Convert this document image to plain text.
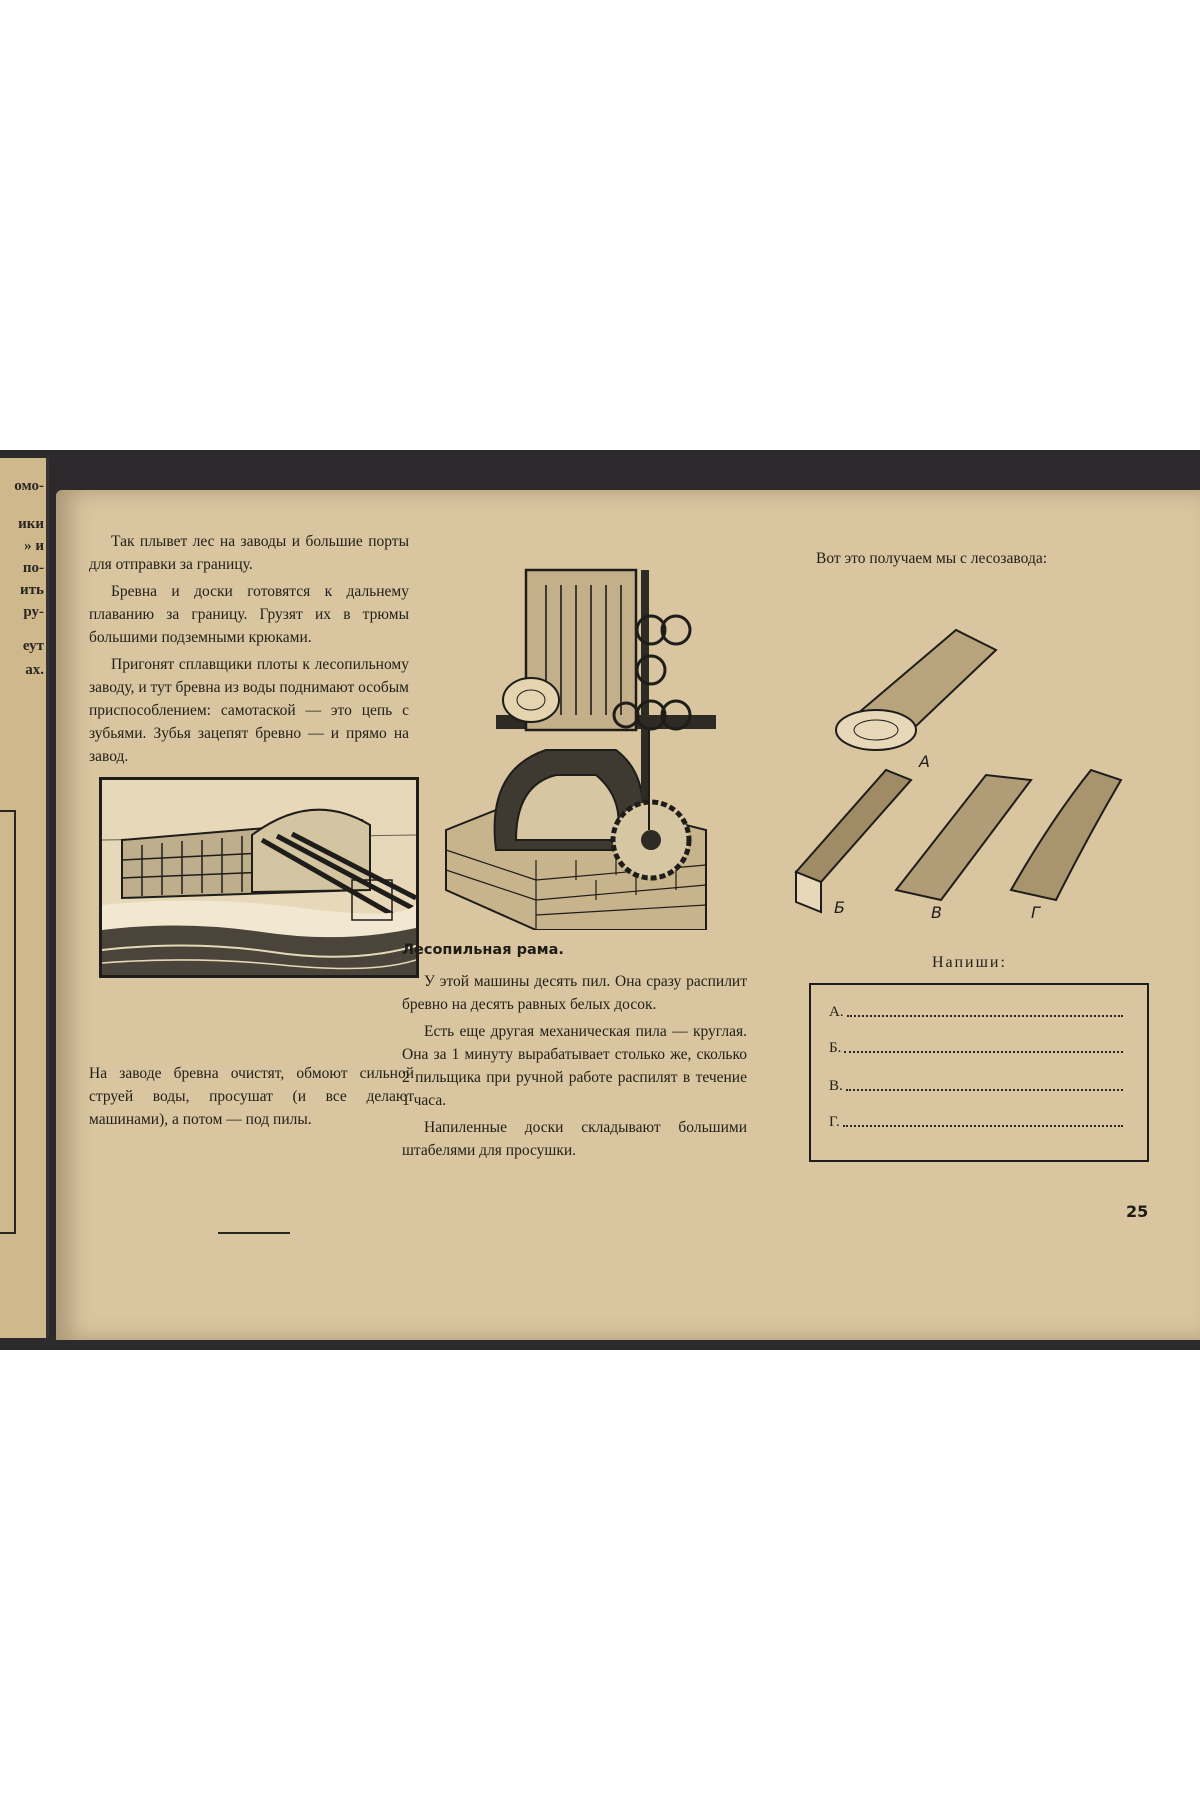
омо-
ики
» и
по-
ить
ру-
еут
ах.

Так плывет лес на заводы и большие порты для отправки за границу.

Бревна и доски готовятся к дальнему плаванию за границу. Грузят их в трюмы большими подземными крюками.

Пригонят сплавщики плоты к лесопильному заводу, и тут бревна из воды поднимают особым приспособлением: самотаской — это цепь с зубьями. Зубья зацепят бревно — и прямо на завод.

На заводе бревна очистят, обмоют сильной струей воды, просушат (и все делают машинами), а потом — под пилы.
Лесопильная рама.

У этой машины десять пил. Она сразу распилит бревно на десять равных белых досок.

Есть еще другая механическая пила — круглая. Она за 1 минуту вырабатывает столько же, сколько 2 пильщика при ручной работе распилят в течение 1 часа.

Напиленные доски складывают большими штабелями для просушки.

Вот это получаем мы с лесозавода:
А
Б	В	Г
Напиши:
А.
Б.
В.
Г.
25
